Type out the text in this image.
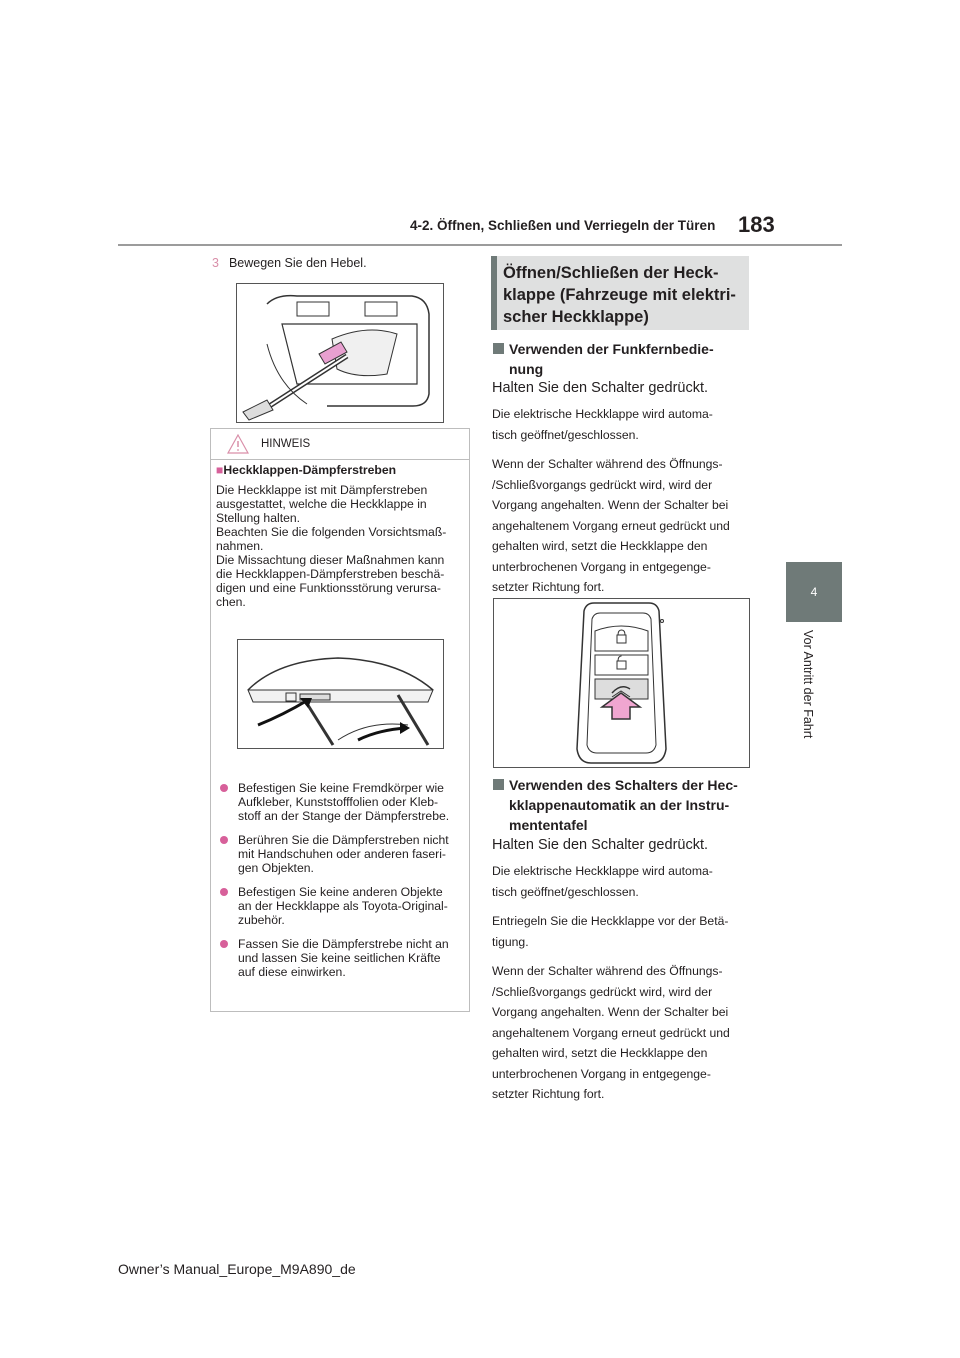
4-2. Öffnen, Schließen und Verriegeln der Türen 183
4
Vor Antritt der Fahrt
3 Bewegen Sie den Hebel.
HINWEIS
■Heckklappen-Dämpferstreben
Die Heckklappe ist mit Dämpferstreben
ausgestattet, welche die Heckklappe in
Stellung halten.
Beachten Sie die folgenden Vorsichtsmaß-
nahmen.
Die Missachtung dieser Maßnahmen kann
die Heckklappen-Dämpferstreben beschä-
digen und eine Funktionsstörung verursa-
chen.
Befestigen Sie keine Fremdkörper wie
Aufkleber, Kunststofffolien oder Kleb-
stoff an der Stange der Dämpferstrebe.
Berühren Sie die Dämpferstreben nicht
mit Handschuhen oder anderen faseri-
gen Objekten.
Befestigen Sie keine anderen Objekte
an der Heckklappe als Toyota-Original-
zubehör.
Fassen Sie die Dämpferstrebe nicht an
und lassen Sie keine seitlichen Kräfte
auf diese einwirken.
Öffnen/Schließen der Heck-
klappe (Fahrzeuge mit elektri-
scher Heckklappe)
Verwenden der Funkfernbedie-
nung
Halten Sie den Schalter gedrückt.
Die elektrische Heckklappe wird automa-
tisch geöffnet/geschlossen.
Wenn der Schalter während des Öffnungs-
/Schließvorgangs gedrückt wird, wird der
Vorgang angehalten. Wenn der Schalter bei
angehaltenem Vorgang erneut gedrückt und
gehalten wird, setzt die Heckklappe den
unterbrochenen Vorgang in entgegenge-
setzter Richtung fort.
Verwenden des Schalters der Hec-
kklappenautomatik an der Instru-
mententafel
Halten Sie den Schalter gedrückt.
Die elektrische Heckklappe wird automa-
tisch geöffnet/geschlossen.
Entriegeln Sie die Heckklappe vor der Betä-
tigung.
Wenn der Schalter während des Öffnungs-
/Schließvorgangs gedrückt wird, wird der
Vorgang angehalten. Wenn der Schalter bei
angehaltenem Vorgang erneut gedrückt und
gehalten wird, setzt die Heckklappe den
unterbrochenen Vorgang in entgegenge-
setzter Richtung fort.
Owner’s Manual_Europe_M9A890_de
